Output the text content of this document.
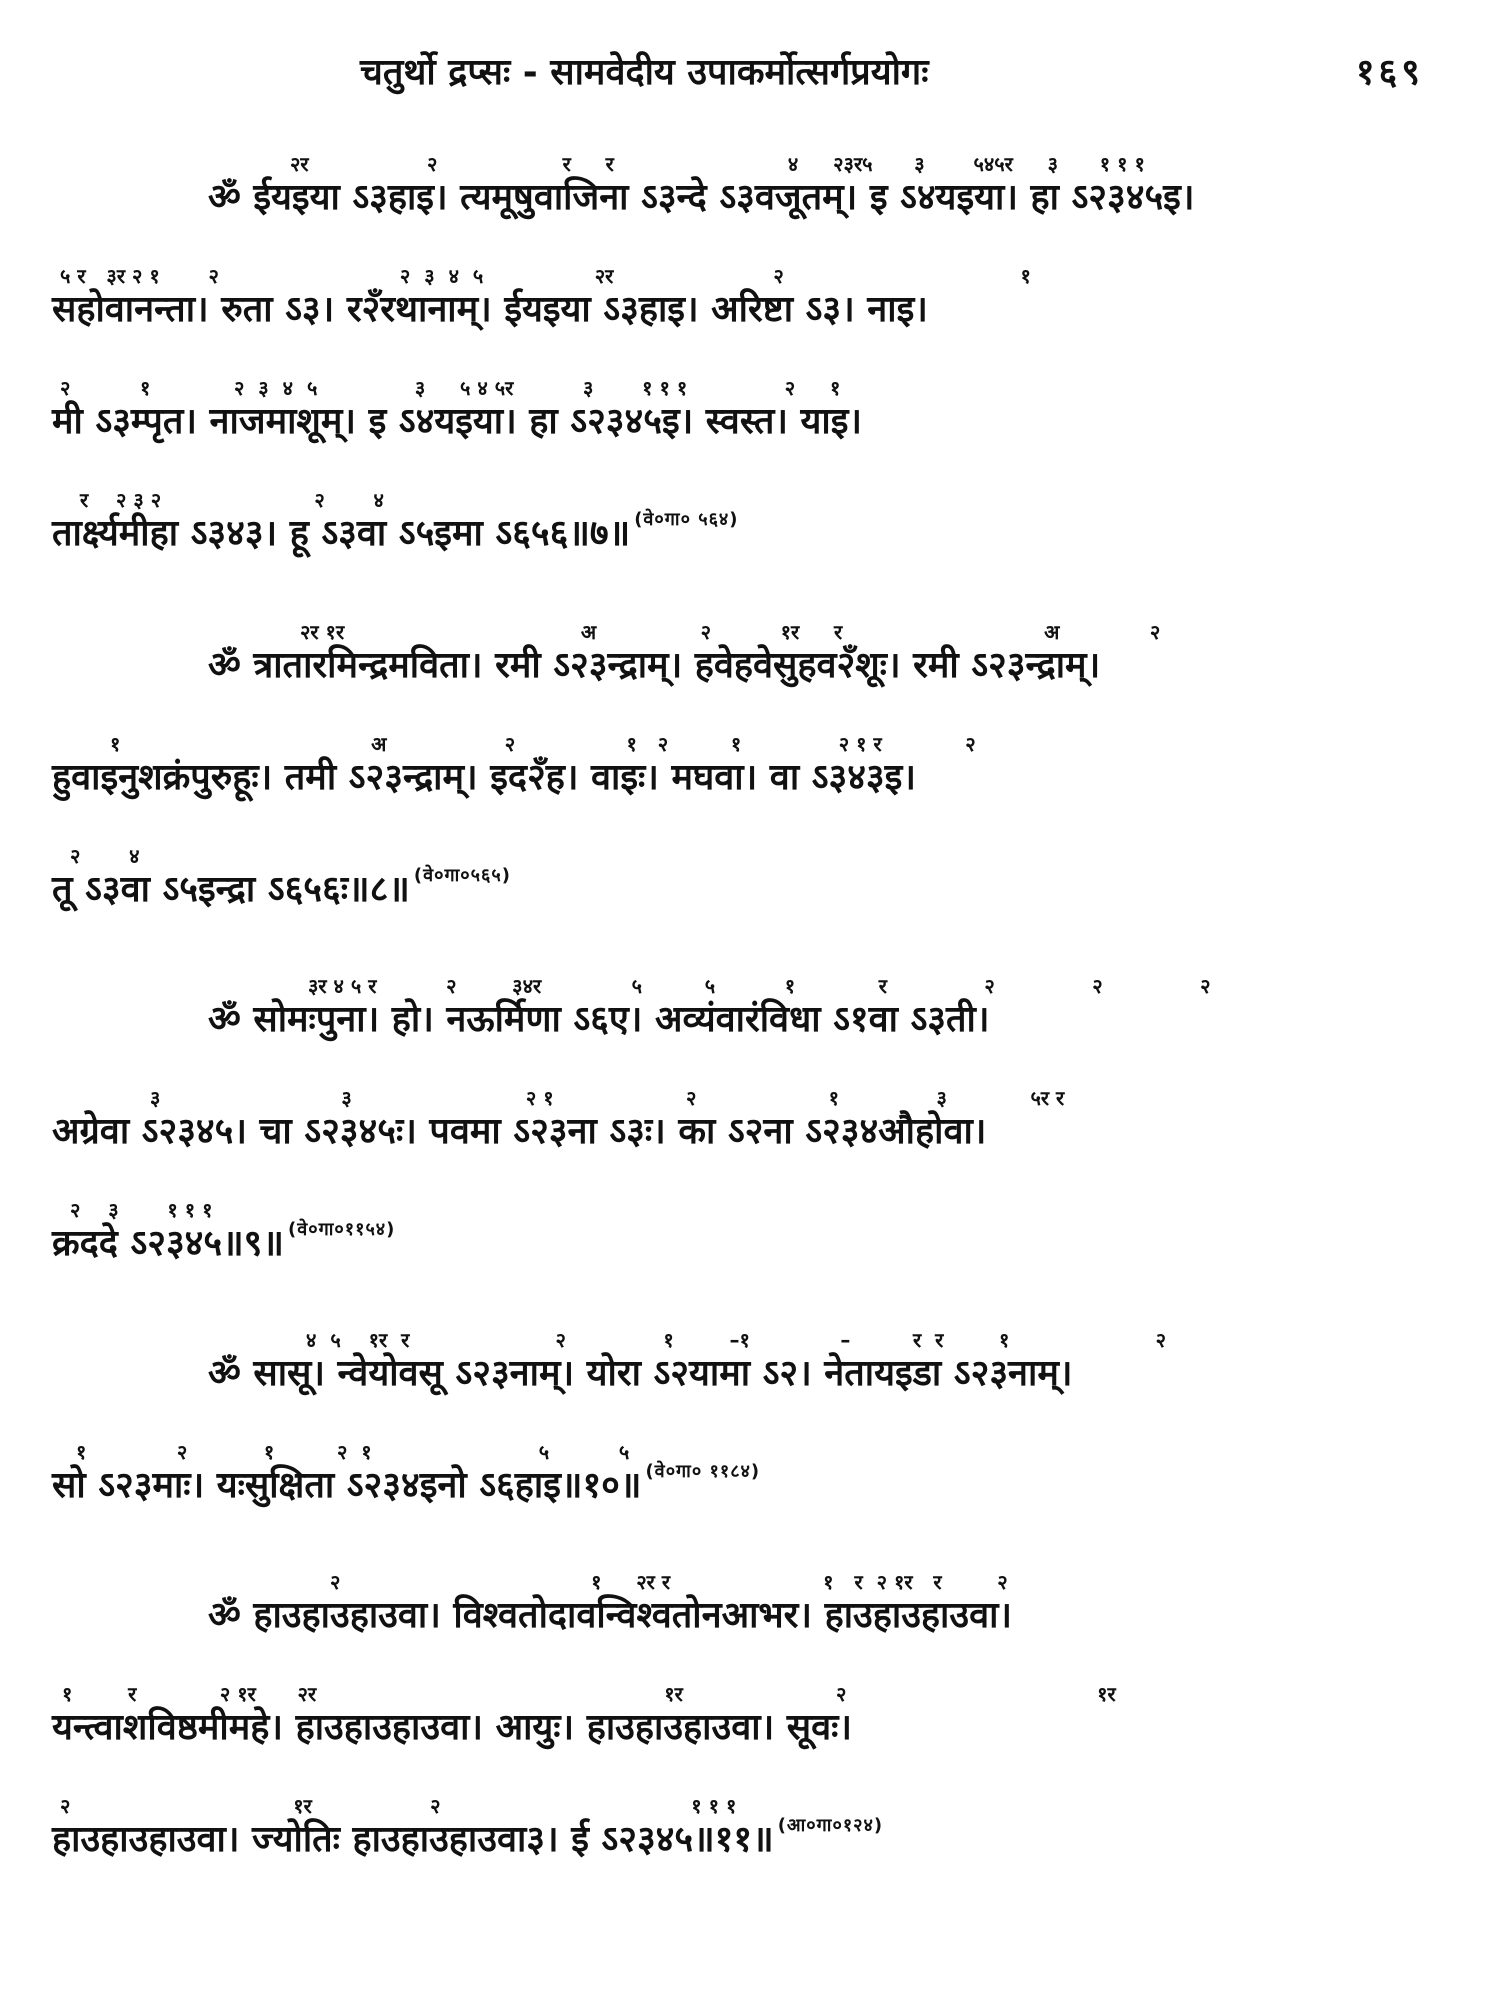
चतुर्थो द्रप्सः - सामवेदीय उपाकर्मोत्सर्गप्रयोगः	१६९
२र                 २                  र     र                         ४     २३र५      ३       ५४५र     ३      १ १ १
ॐ ईयइया ऽ३हाइ। त्यमूषुवाजिना ऽ३न्दे ऽ३वजूतम्। इ ऽ४यइया। हा ऽ२३४५इ।
५ र   ३र २ १       २                          २  ३  ४  ५                २र                       २                                  १
सहोवानन्ता। रुता ऽ३। र२ँरथानाम्। ईयइया ऽ३हाइ। अरिष्टा ऽ३। नाइ।
२          १            २  ३  ४  ५              ३     ५ ४ ५र          ३       १ १ १              २     १
मी ऽ३म्पृत। नाजमाशूम्। इ ऽ४यइया। हा ऽ२३४५इ। स्वस्त। याइ।
र    २ ३ २                      २       ४
तार्क्ष्यमीहा ऽ३४३। हू ऽ३वा ऽ५इमा ऽ६५६॥७॥ $^{(वे०गा० ५६४)}$
२र १र                                  अ               २          १र     र                             अ             २
ॐ त्रातारमिन्द्रमविता। रमी ऽ२३न्द्राम्। हवेहवेसुहव२ँशूः। रमी ऽ२३न्द्राम्।
१                                    अ                 २                १   २         १              २ १ र            २
हुवाइनुशक्रंपुरुहूः। तमी ऽ२३न्द्राम्। इद२ँह। वाइः। मघवा। वा ऽ३४३इ।
२       ४
तू ऽ३वा ऽ५इन्द्रा ऽ६५६ः॥८॥ $^{(वे०गा०५६५)}$
३र ४ ५ र          २        ३४र             ५         ५          १            र              २              २              २
ॐ सोमःपुना। हो। नऊर्मिणा ऽ६ए। अव्यंवारंविधा ऽ१वा ऽ३ती।
३                          ३                         २ १                   २                   १              ३            ५र र
अग्रेवा ऽ२३४५। चा ऽ२३४५ः। पवमा ऽ२३ना ऽ३ः। का ऽ२ना ऽ२३४औहोवा।
२    ३       १ १ १
क्रददे ऽ२३४५॥९॥ $^{(वे०गा०११५४)}$
४  ५    १र  र                     २              १        –१             –         र  र        १                     २
ॐ सासू। न्वेयोवसू ऽ२३नाम्। योरा ऽ२यामा ऽ२। नेतायइडा ऽ२३नाम्।
१             २           १         २  १                        ५          ५
सो ऽ२३माः। यःसुक्षिता ऽ२३४इनो ऽ६हाइ॥१०॥ $^{(वे०गा० ११८४)}$
२                                    १     २र र                      १   र  २ १र   र        २
ॐ हाउहाउहाउवा। विश्वतोदावन्विश्वतोनआभर। हाउहाउहाउवा।
१        र            २ १र      २र                                                  १र                      २                                    १र
यन्त्वाशविष्ठमीमहे। हाउहाउहाउवा। आयुः। हाउहाउहाउवा। सूवः।
२                                १र                 २                                    १ १ १
हाउहाउहाउवा। ज्योतिः हाउहाउहाउवा३। ई ऽ२३४५॥११॥ $^{(आ०गा०१२४)}$
